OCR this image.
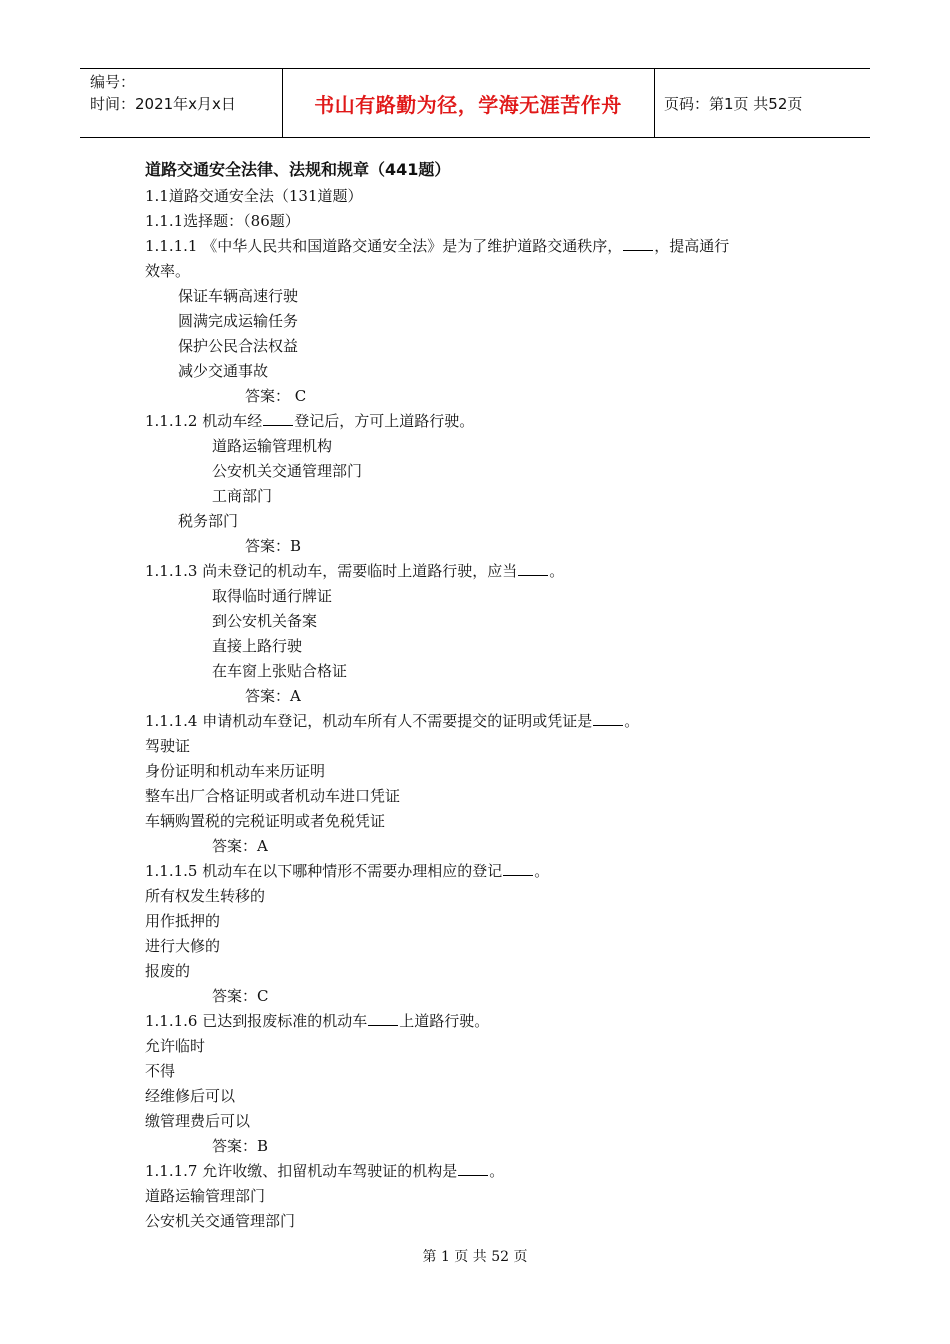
编号：
时间：2021年x月x日	书山有路勤为径，学海无涯苦作舟	页码：第1页 共52页
道路交通安全法律、法规和规章（441题）
1.1道路交通安全法（131道题）
1.1.1选择题：（86题）
1.1.1.1 《中华人民共和国道路交通安全法》是为了维护道路交通秩序， ，提高通行
效率。
保证车辆高速行驶
圆满完成运输任务
保护公民合法权益
减少交通事故
答案： C
1.1.1.2 机动车经 登记后，方可上道路行驶。
道路运输管理机构
公安机关交通管理部门
工商部门
税务部门
答案：B
1.1.1.3 尚未登记的机动车，需要临时上道路行驶，应当 。
取得临时通行牌证
到公安机关备案
直接上路行驶
在车窗上张贴合格证
答案：A
1.1.1.4 申请机动车登记，机动车所有人不需要提交的证明或凭证是 。
驾驶证
身份证明和机动车来历证明
整车出厂合格证明或者机动车进口凭证
车辆购置税的完税证明或者免税凭证
答案：A
1.1.1.5 机动车在以下哪种情形不需要办理相应的登记 。
所有权发生转移的
用作抵押的
进行大修的
报废的
答案：C
1.1.1.6 已达到报废标准的机动车 上道路行驶。
允许临时
不得
经维修后可以
缴管理费后可以
答案：B
1.1.1.7 允许收缴、扣留机动车驾驶证的机构是 。
道路运输管理部门
公安机关交通管理部门
第 1 页 共 52 页
